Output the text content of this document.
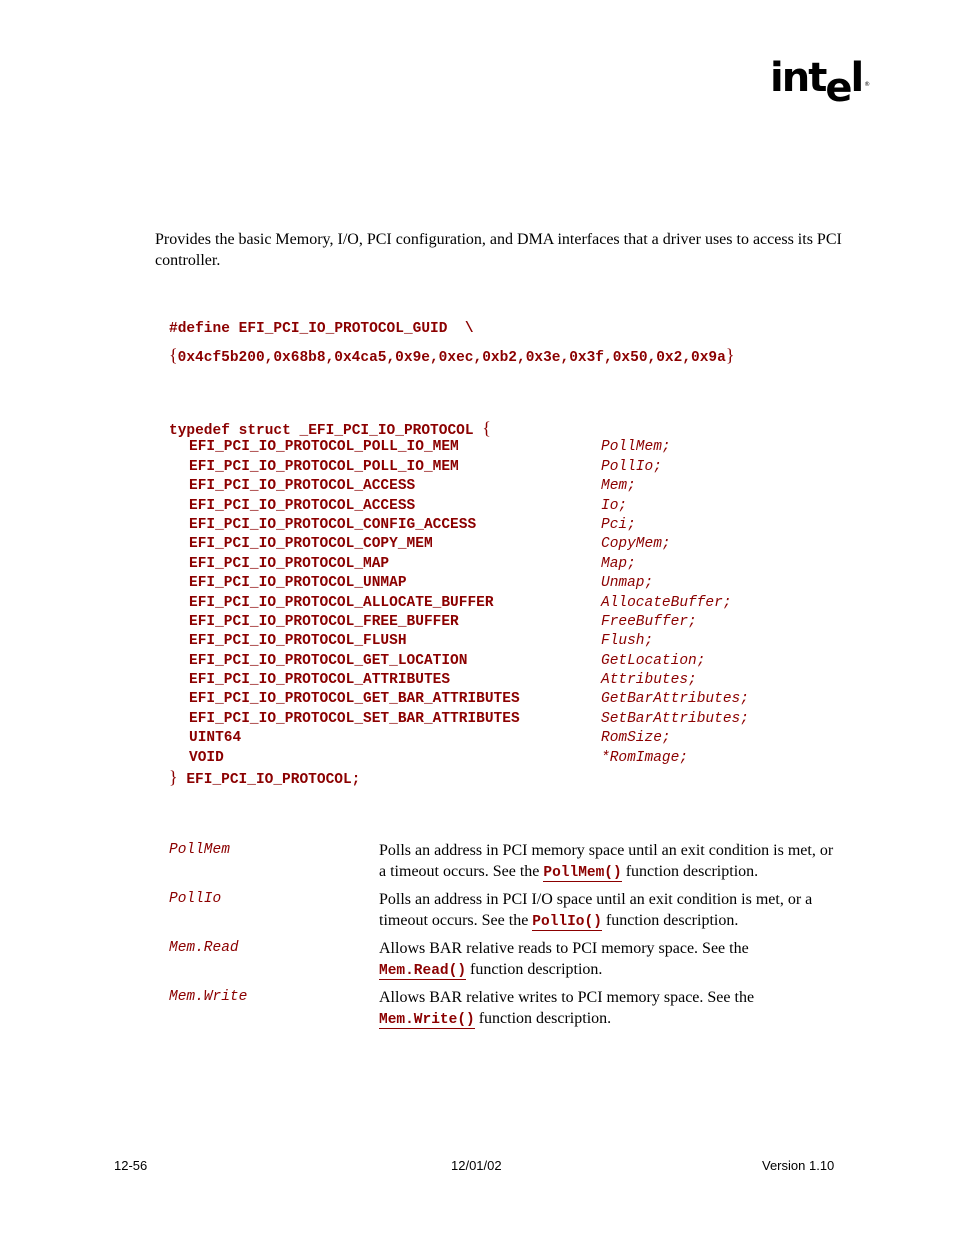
intel ®

Provides the basic Memory, I/O, PCI configuration, and DMA interfaces that a driver uses to access its PCI controller.

#define EFI_PCI_IO_PROTOCOL_GUID  \
{0x4cf5b200,0x68b8,0x4ca5,0x9e,0xec,0xb2,0x3e,0x3f,0x50,0x2,0x9a}
typedef struct _EFI_PCI_IO_PROTOCOL {
EFI_PCI_IO_PROTOCOL_POLL_IO_MEM	PollMem;
EFI_PCI_IO_PROTOCOL_POLL_IO_MEM	PollIo;
EFI_PCI_IO_PROTOCOL_ACCESS	Mem;
EFI_PCI_IO_PROTOCOL_ACCESS	Io;
EFI_PCI_IO_PROTOCOL_CONFIG_ACCESS	Pci;
EFI_PCI_IO_PROTOCOL_COPY_MEM	CopyMem;
EFI_PCI_IO_PROTOCOL_MAP	Map;
EFI_PCI_IO_PROTOCOL_UNMAP	Unmap;
EFI_PCI_IO_PROTOCOL_ALLOCATE_BUFFER	AllocateBuffer;
EFI_PCI_IO_PROTOCOL_FREE_BUFFER	FreeBuffer;
EFI_PCI_IO_PROTOCOL_FLUSH	Flush;
EFI_PCI_IO_PROTOCOL_GET_LOCATION	GetLocation;
EFI_PCI_IO_PROTOCOL_ATTRIBUTES	Attributes;
EFI_PCI_IO_PROTOCOL_GET_BAR_ATTRIBUTES	GetBarAttributes;
EFI_PCI_IO_PROTOCOL_SET_BAR_ATTRIBUTES	SetBarAttributes;
UINT64	RomSize;
VOID	*RomImage;
} EFI_PCI_IO_PROTOCOL;
PollMem	Polls an address in PCI memory space until an exit condition is met, or a timeout occurs. See the PollMem() function description.
PollIo	Polls an address in PCI I/O space until an exit condition is met, or a timeout occurs. See the PollIo() function description.
Mem.Read	Allows BAR relative reads to PCI memory space. See the Mem.Read() function description.
Mem.Write	Allows BAR relative writes to PCI memory space. See the Mem.Write() function description.
12-56	12/01/02	Version 1.10
